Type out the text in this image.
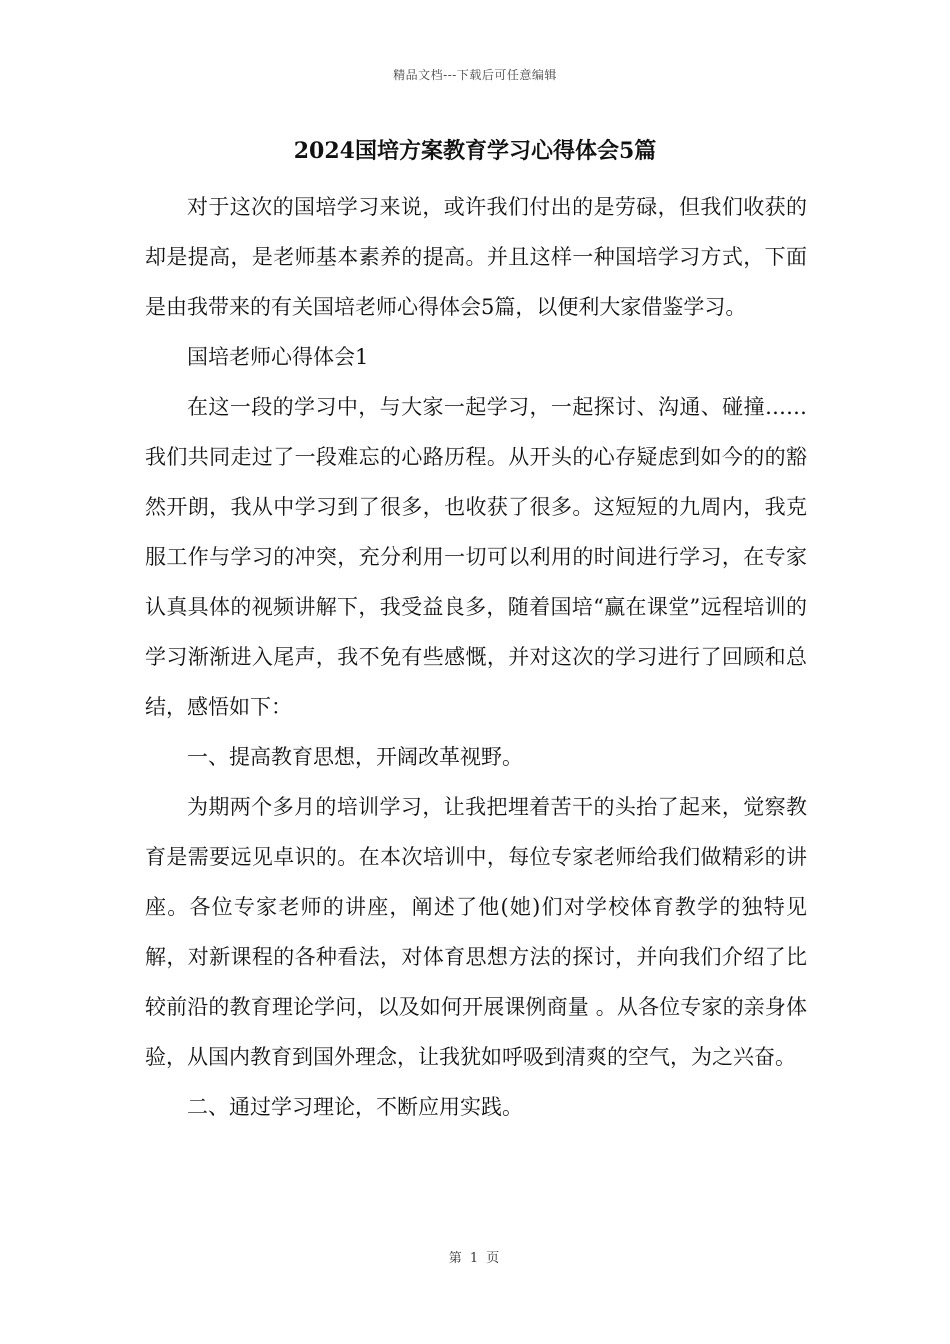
精品文档---下载后可任意编辑
2024国培方案教育学习心得体会5篇

对于这次的国培学习来说，或许我们付出的是劳碌，但我们收获的却是提高，是老师基本素养的提高。并且这样一种国培学习方式，下面是由我带来的有关国培老师心得体会5篇，以便利大家借鉴学习。

国培老师心得体会1

在这一段的学习中，与大家一起学习，一起探讨、沟通、碰撞……我们共同走过了一段难忘的心路历程。从开头的心存疑虑到如今的的豁然开朗，我从中学习到了很多，也收获了很多。这短短的九周内，我克服工作与学习的冲突，充分利用一切可以利用的时间进行学习，在专家认真具体的视频讲解下，我受益良多，随着国培“赢在课堂”远程培训的学习渐渐进入尾声，我不免有些感慨，并对这次的学习进行了回顾和总结，感悟如下：

一、提高教育思想，开阔改革视野。

为期两个多月的培训学习，让我把埋着苦干的头抬了起来，觉察教育是需要远见卓识的。在本次培训中，每位专家老师给我们做精彩的讲座。各位专家老师的讲座，阐述了他(她)们对学校体育教学的独特见解，对新课程的各种看法，对体育思想方法的探讨，并向我们介绍了比较前沿的教育理论学问，以及如何开展课例商量 。从各位专家的亲身体验，从国内教育到国外理念，让我犹如呼吸到清爽的空气，为之兴奋。

二、通过学习理论，不断应用实践。

第 1 页
